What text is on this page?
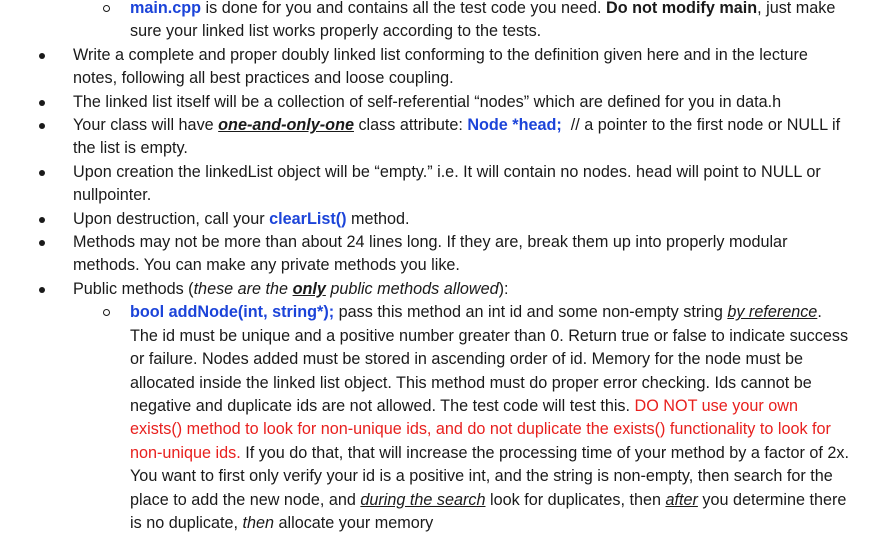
main.cpp is done for you and contains all the test code you need. Do not modify main, just make sure your linked list works properly according to the tests.
Write a complete and proper doubly linked list conforming to the definition given here and in the lecture notes, following all best practices and loose coupling.
The linked list itself will be a collection of self-referential “nodes” which are defined for you in data.h
Your class will have one-and-only-one class attribute: Node *head;  // a pointer to the first node or NULL if the list is empty.
Upon creation the linkedList object will be “empty.” i.e. It will contain no nodes. head will point to NULL or nullpointer.
Upon destruction, call your clearList() method.
Methods may not be more than about 24 lines long. If they are, break them up into properly modular methods. You can make any private methods you like.
Public methods (these are the only public methods allowed):
bool addNode(int, string*); pass this method an int id and some non-empty string by reference. The id must be unique and a positive number greater than 0. Return true or false to indicate success or failure. Nodes added must be stored in ascending order of id. Memory for the node must be allocated inside the linked list object. This method must do proper error checking. Ids cannot be negative and duplicate ids are not allowed. The test code will test this. DO NOT use your own exists() method to look for non-unique ids, and do not duplicate the exists() functionality to look for non-unique ids. If you do that, that will increase the processing time of your method by a factor of 2x. You want to first only verify your id is a positive int, and the string is non-empty, then search for the place to add the new node, and during the search look for duplicates, then after you determine there is no duplicate, then allocate your memory
